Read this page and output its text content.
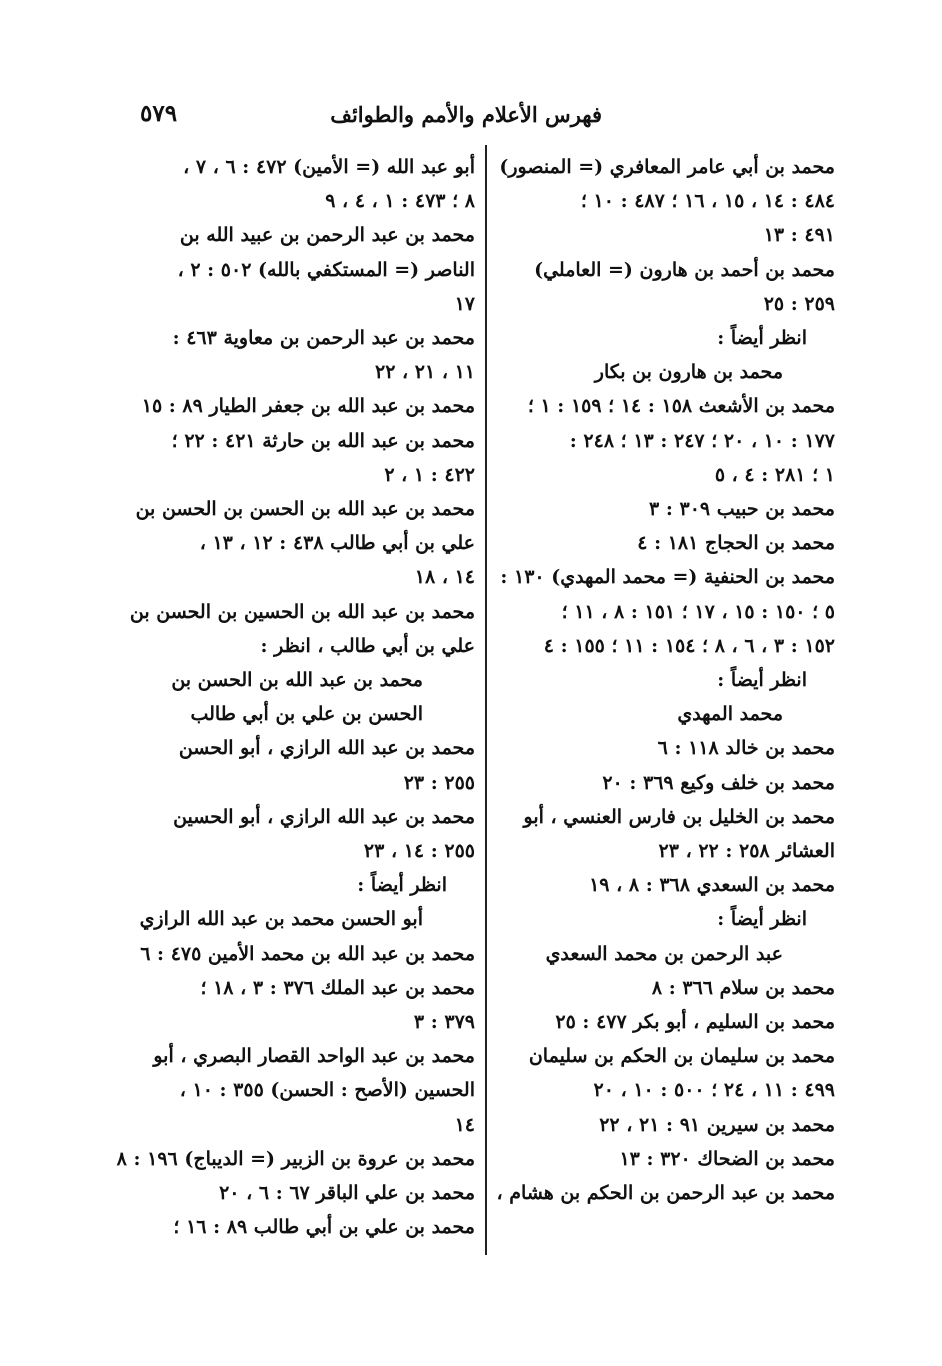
فهرس الأعلام والأمم والطوائف
٥٧٩
محمد بن أبي عامر المعافري (= المنصور)
٤٨٤ : ١٤ ، ١٥ ، ١٦ ؛ ٤٨٧ : ١٠ ؛
٤٩١ : ١٣
محمد بن أحمد بن هارون (= العاملي)
٢٥٩ : ٢٥
انظر أيضاً :
محمد بن هارون بن بكار
محمد بن الأشعث ١٥٨ : ١٤ ؛ ١٥٩ : ١ ؛
١٧٧ : ١٠ ، ٢٠ ؛ ٢٤٧ : ١٣ ؛ ٢٤٨ :
١ ؛ ٢٨١ : ٤ ، ٥
محمد بن حبيب ٣٠٩ : ٣
محمد بن الحجاج ١٨١ : ٤
محمد بن الحنفية (= محمد المهدي) ١٣٠ :
٥ ؛ ١٥٠ : ١٥ ، ١٧ ؛ ١٥١ : ٨ ، ١١ ؛
١٥٢ : ٣ ، ٦ ، ٨ ؛ ١٥٤ : ١١ ؛ ١٥٥ : ٤
انظر أيضاً :
محمد المهدي
محمد بن خالد ١١٨ : ٦
محمد بن خلف وكيع ٣٦٩ : ٢٠
محمد بن الخليل بن فارس العنسي ، أبو
العشائر ٢٥٨ : ٢٢ ، ٢٣
محمد بن السعدي ٣٦٨ : ٨ ، ١٩
انظر أيضاً :
عبد الرحمن بن محمد السعدي
محمد بن سلام ٣٦٦ : ٨
محمد بن السليم ، أبو بكر ٤٧٧ : ٢٥
محمد بن سليمان بن الحكم بن سليمان
٤٩٩ : ١١ ، ٢٤ ؛ ٥٠٠ : ١٠ ، ٢٠
محمد بن سيرين ٩١ : ٢١ ، ٢٢
محمد بن الضحاك ٣٢٠ : ١٣
محمد بن عبد الرحمن بن الحكم بن هشام ،
أبو عبد الله (= الأمين) ٤٧٢ : ٦ ، ٧ ،
٨ ؛ ٤٧٣ : ١ ، ٤ ، ٩
محمد بن عبد الرحمن بن عبيد الله بن
الناصر (= المستكفي بالله) ٥٠٢ : ٢ ،
١٧
محمد بن عبد الرحمن بن معاوية ٤٦٣ :
١١ ، ٢١ ، ٢٢
محمد بن عبد الله بن جعفر الطيار ٨٩ : ١٥
محمد بن عبد الله بن حارثة ٤٢١ : ٢٢ ؛
٤٢٢ : ١ ، ٢
محمد بن عبد الله بن الحسن بن الحسن بن
علي بن أبي طالب ٤٣٨ : ١٢ ، ١٣ ،
١٤ ، ١٨
محمد بن عبد الله بن الحسين بن الحسن بن
علي بن أبي طالب ، انظر :
محمد بن عبد الله بن الحسن بن
الحسن بن علي بن أبي طالب
محمد بن عبد الله الرازي ، أبو الحسن
٢٥٥ : ٢٣
محمد بن عبد الله الرازي ، أبو الحسين
٢٥٥ : ١٤ ، ٢٣
انظر أيضاً :
أبو الحسن محمد بن عبد الله الرازي
محمد بن عبد الله بن محمد الأمين ٤٧٥ : ٦
محمد بن عبد الملك ٣٧٦ : ٣ ، ١٨ ؛
٣٧٩ : ٣
محمد بن عبد الواحد القصار البصري ، أبو
الحسين (الأصح : الحسن) ٣٥٥ : ١٠ ،
١٤
محمد بن عروة بن الزبير (= الديباج) ١٩٦ : ٨
محمد بن علي الباقر ٦٧ : ٦ ، ٢٠
محمد بن علي بن أبي طالب ٨٩ : ١٦ ؛
